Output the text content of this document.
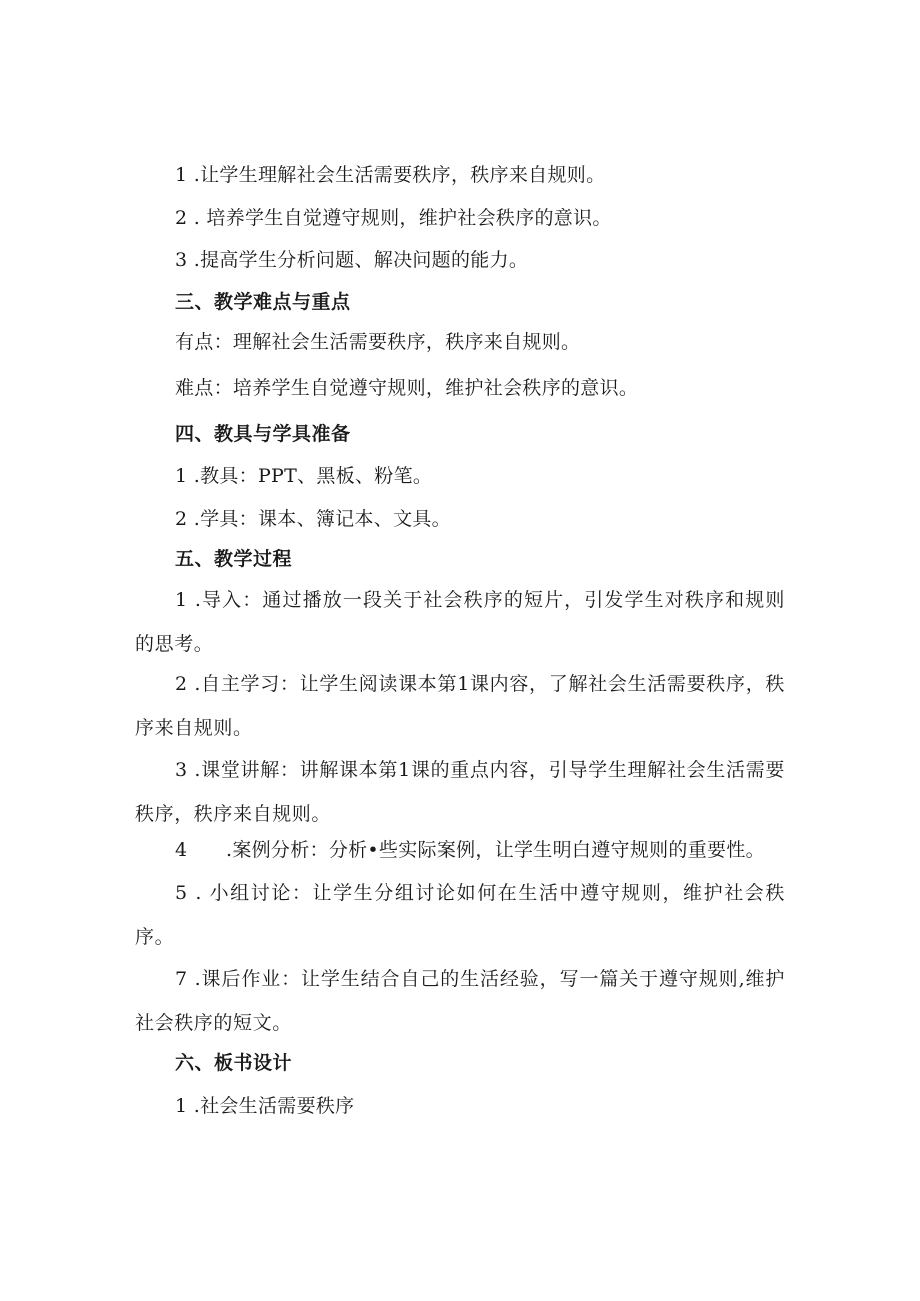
1 .让学生理解社会生活需要秩序，秩序来自规则。
2 . 培养学生自觉遵守规则，维护社会秩序的意识。
3 .提高学生分析问题、解决问题的能力。
三、教学难点与重点
有点：理解社会生活需要秩序，秩序来自规则。
难点：培养学生自觉遵守规则，维护社会秩序的意识。
四、教具与学具准备
1 .教具：PPT、黑板、粉笔。
2 .学具：课本、簿记本、文具。
五、教学过程
1 .导入：通过播放一段关于社会秩序的短片，引发学生对秩序和规则的思考。
2 .自主学习：让学生阅读课本第1课内容，了解社会生活需要秩序，秩序来自规则。
3 .课堂讲解：讲解课本第1课的重点内容，引导学生理解社会生活需要秩序，秩序来自规则。
4　　.案例分析：分析•些实际案例，让学生明白遵守规则的重要性。
5 . 小组讨论：让学生分组讨论如何在生活中遵守规则，维护社会秩序。
7 .课后作业：让学生结合自己的生活经验，写一篇关于遵守规则,维护社会秩序的短文。
六、板书设计
1 .社会生活需要秩序
